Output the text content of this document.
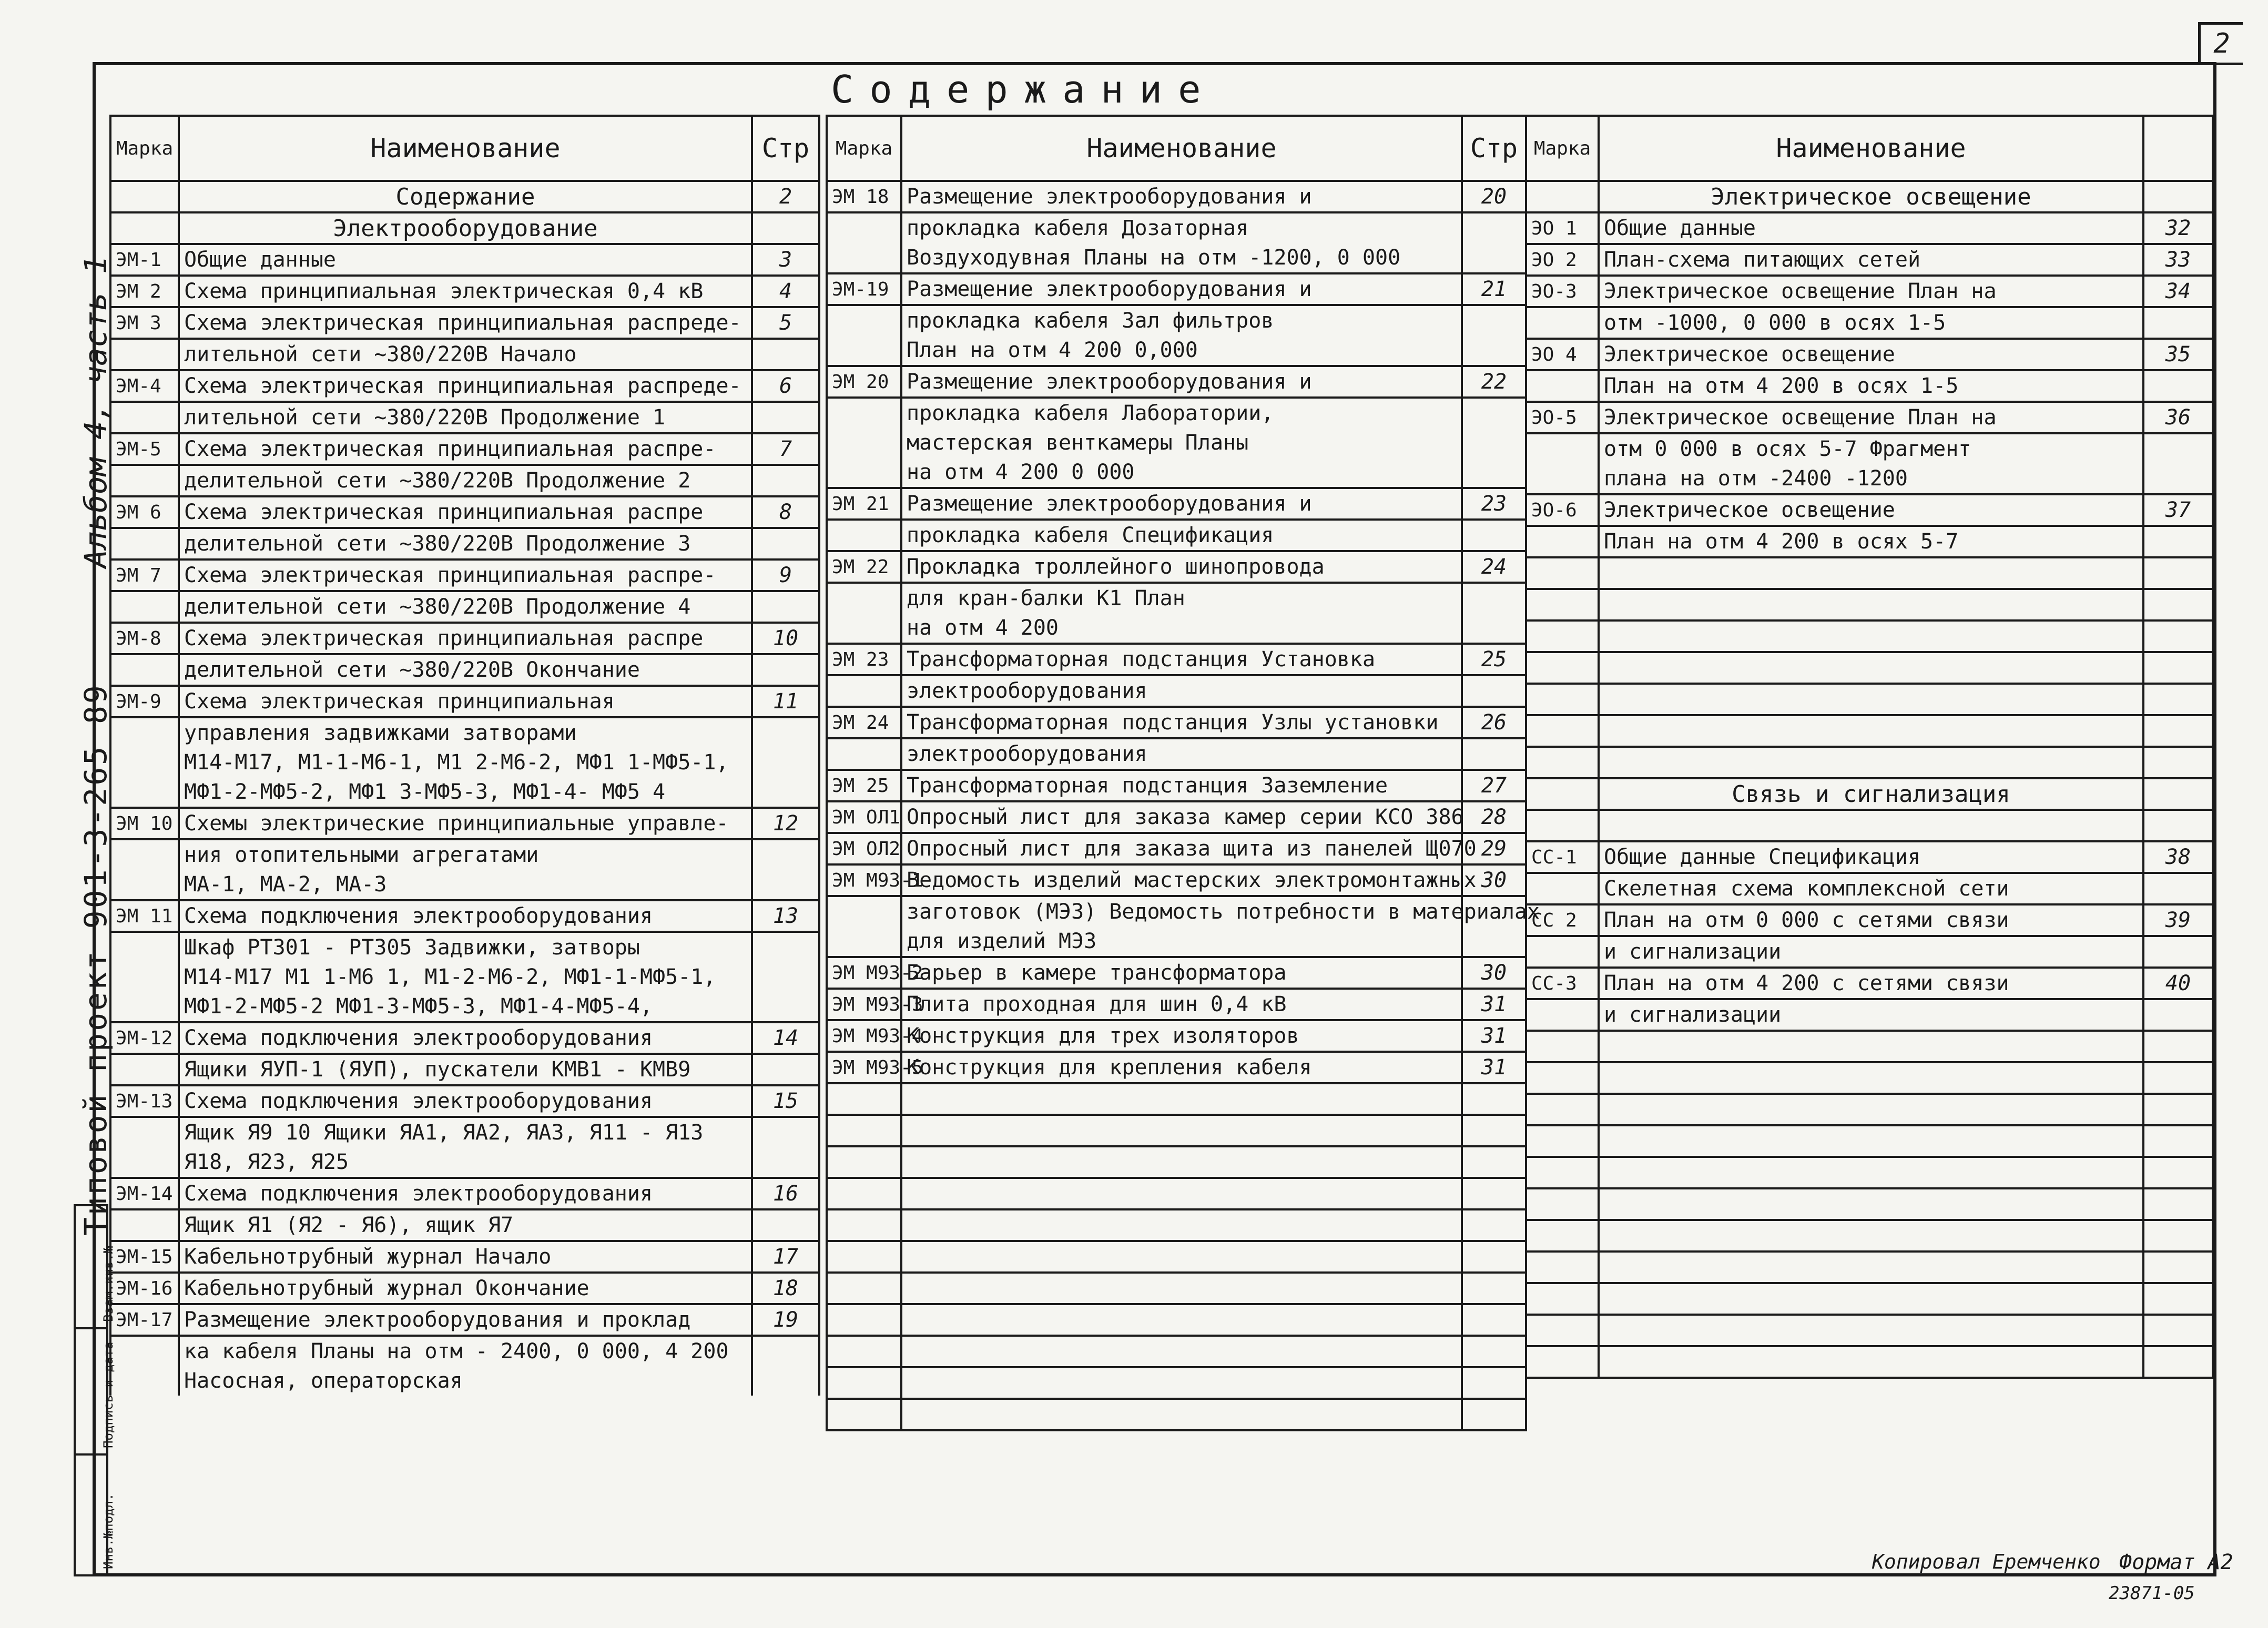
2
Содержание
Типовой проект 901-3-265 89
Альбом 4, часть 1
Инв.№подл.
Подпись и дата
Взам.инв.№
Марка	Наименование	Стр
	Содержание	2
	Электрооборудование	
ЭМ-1	Общие данные	3
ЭМ 2	Схема принципиальная электрическая 0,4 кВ	4
ЭМ 3	Схема электрическая принципиальная распреде-	5
	лительной сети ~380/220В Начало	
ЭМ-4	Схема электрическая принципиальная распреде-	6
	лительной сети ~380/220В Продолжение 1	
ЭМ-5	Схема электрическая принципиальная распре-	7
	делительной сети ~380/220В Продолжение 2	
ЭМ 6	Схема электрическая принципиальная распре	8
	делительной сети ~380/220В Продолжение 3	
ЭМ 7	Схема электрическая принципиальная распре-	9
	делительной сети ~380/220В Продолжение 4	
ЭМ-8	Схема электрическая принципиальная распре	10
	делительной сети ~380/220В Окончание	
ЭМ-9	Схема электрическая принципиальная	11
	управления задвижками затворами	
	М14-М17, М1-1-М6-1, М1 2-М6-2, МФ1 1-МФ5-1,	
	МФ1-2-МФ5-2, МФ1 3-МФ5-3, МФ1-4- МФ5 4	
ЭМ 10	Схемы электрические принципиальные управле-	12
	ния отопительными агрегатами	
	МА-1, МА-2, МА-3	
ЭМ 11	Схема подключения электрооборудования	13
	Шкаф РТ301 - РТ305 Задвижки, затворы	
	М14-М17 М1 1-М6 1, М1-2-М6-2, МФ1-1-МФ5-1,	
	МФ1-2-МФ5-2 МФ1-3-МФ5-3, МФ1-4-МФ5-4,	
ЭМ-12	Схема подключения электрооборудования	14
	Ящики ЯУП-1 (ЯУП), пускатели КМВ1 - КМВ9	
ЭМ-13	Схема подключения электрооборудования	15
	Ящик Я9 10 Ящики ЯА1, ЯА2, ЯА3, Я11 - Я13	
	Я18, Я23, Я25	
ЭМ-14	Схема подключения электрооборудования	16
	Ящик Я1 (Я2 - Я6), ящик Я7	
ЭМ-15	Кабельнотрубный журнал Начало	17
ЭМ-16	Кабельнотрубный журнал Окончание	18
ЭМ-17	Размещение электрооборудования и проклад	19
	ка кабеля Планы на отм - 2400, 0 000, 4 200	
	Насосная, операторская	
Марка	Наименование	Стр
ЭМ 18	Размещение электрооборудования и	20
	прокладка кабеля Дозаторная	
	Воздуходувная Планы на отм -1200, 0 000	
ЭМ-19	Размещение электрооборудования и	21
	прокладка кабеля Зал фильтров	
	План на отм 4 200 0,000	
ЭМ 20	Размещение электрооборудования и	22
	прокладка кабеля Лаборатории,	
	мастерская венткамеры Планы	
	на отм 4 200 0 000	
ЭМ 21	Размещение электрооборудования и	23
	прокладка кабеля Спецификация	
ЭМ 22	Прокладка троллейного шинопровода	24
	для кран-балки К1 План	
	на отм 4 200	
ЭМ 23	Трансформаторная подстанция Установка	25
	электрооборудования	
ЭМ 24	Трансформаторная подстанция Узлы установки	26
	электрооборудования	
ЭМ 25	Трансформаторная подстанция Заземление	27
ЭМ ОЛ1	Опросный лист для заказа камер серии КСО 386	28
ЭМ ОЛ2	Опросный лист для заказа щита из панелей Щ070	29
ЭМ М93-1	Ведомость изделий мастерских электромонтажных	30
	заготовок (МЭЗ) Ведомость потребности в материалах	
	для изделий МЭЗ	
ЭМ М93-2	Барьер в камере трансформатора	30
ЭМ М93-3	Плита проходная для шин 0,4 кВ	31
ЭМ М93-4	Конструкция для трех изоляторов	31
ЭМ М93-5	Конструкция для крепления кабеля	31

Марка	Наименование	
	Электрическое освещение	
ЭО 1	Общие данные	32
ЭО 2	План-схема питающих сетей	33
ЭО-3	Электрическое освещение План на	34
	отм -1000, 0 000 в осях 1-5	
ЭО 4	Электрическое освещение	35
	План на отм 4 200 в осях 1-5	
ЭО-5	Электрическое освещение План на	36
	отм 0 000 в осях 5-7 Фрагмент	
	плана на отм -2400 -1200	
ЭО-6	Электрическое освещение	37
	План на отм 4 200 в осях 5-7	

	Связь и сигнализация	

СС-1	Общие данные Спецификация	38
	Скелетная схема комплексной сети	
СС 2	План на отм 0 000 с сетями связи	39
	и сигнализации	
СС-3	План на отм 4 200 с сетями связи	40
	и сигнализации	

Копировал Еремченко Формат А2
23871-05
